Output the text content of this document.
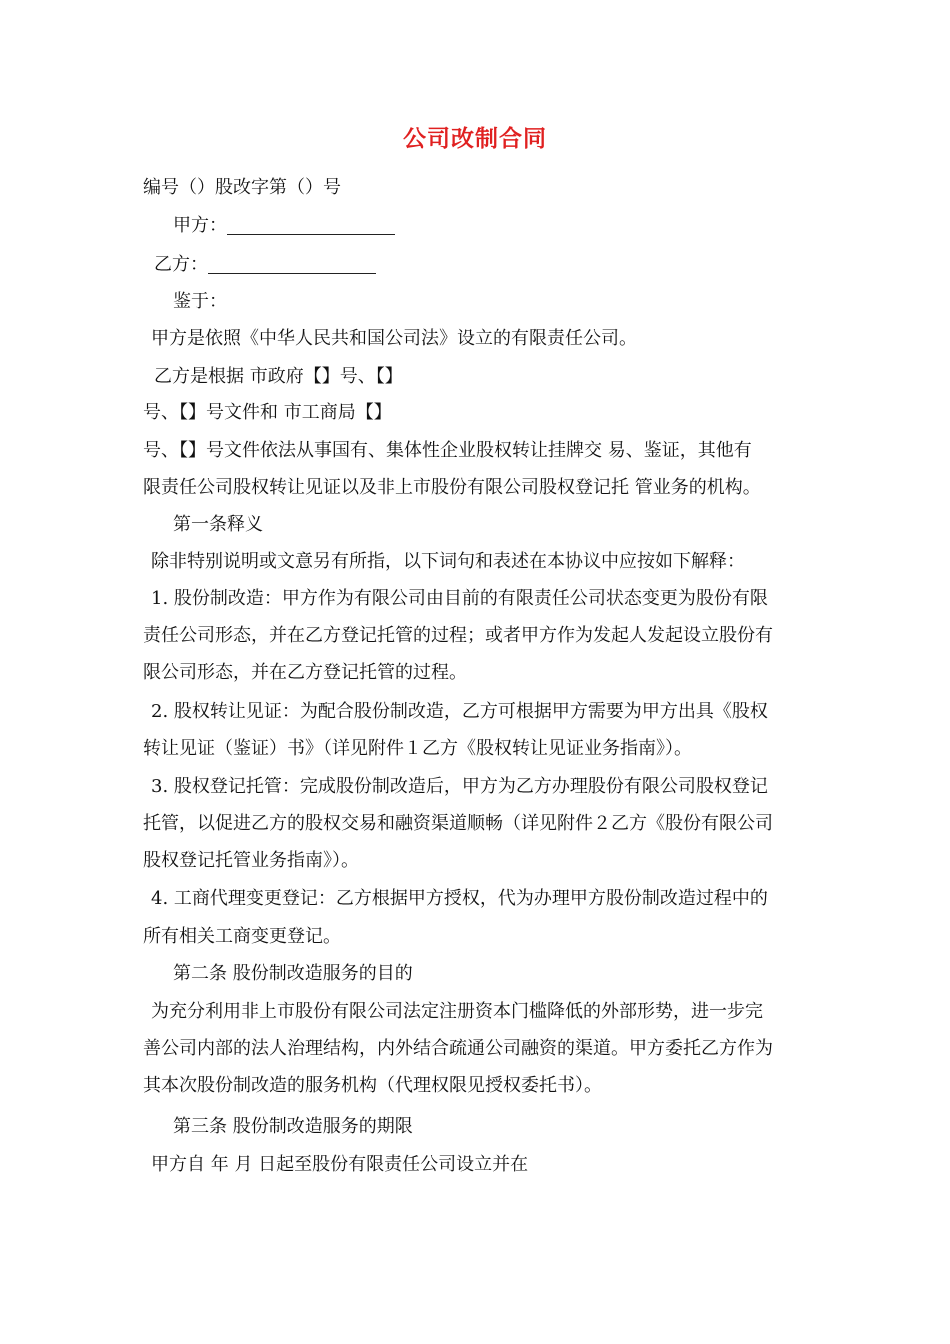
公司改制合同
编号（）股改字第（）号
甲方：
乙方：
鉴于：
甲方是依照《中华人民共和国公司法》设立的有限责任公司。
乙方是根据 市政府【】号、【】
号、【】号文件和 市工商局【】
号、【】号文件依法从事国有、集体性企业股权转让挂牌交 易、鉴证，其他有
限责任公司股权转让见证以及非上市股份有限公司股权登记托 管业务的机构。
第一条释义
除非特别说明或文意另有所指，以下词句和表述在本协议中应按如下解释：
1. 股份制改造：甲方作为有限公司由目前的有限责任公司状态变更为股份有限
责任公司形态，并在乙方登记托管的过程；或者甲方作为发起人发起设立股份有
限公司形态，并在乙方登记托管的过程。
2. 股权转让见证：为配合股份制改造，乙方可根据甲方需要为甲方出具《股权
转让见证（鉴证）书》（详见附件１乙方《股权转让见证业务指南》）。
3. 股权登记托管：完成股份制改造后，甲方为乙方办理股份有限公司股权登记
托管，以促进乙方的股权交易和融资渠道顺畅（详见附件２乙方《股份有限公司
股权登记托管业务指南》）。
4. 工商代理变更登记：乙方根据甲方授权，代为办理甲方股份制改造过程中的
所有相关工商变更登记。
第二条 股份制改造服务的目的
为充分利用非上市股份有限公司法定注册资本门槛降低的外部形势，进一步完
善公司内部的法人治理结构，内外结合疏通公司融资的渠道。甲方委托乙方作为
其本次股份制改造的服务机构（代理权限见授权委托书）。
第三条 股份制改造服务的期限
甲方自 年 月 日起至股份有限责任公司设立并在
